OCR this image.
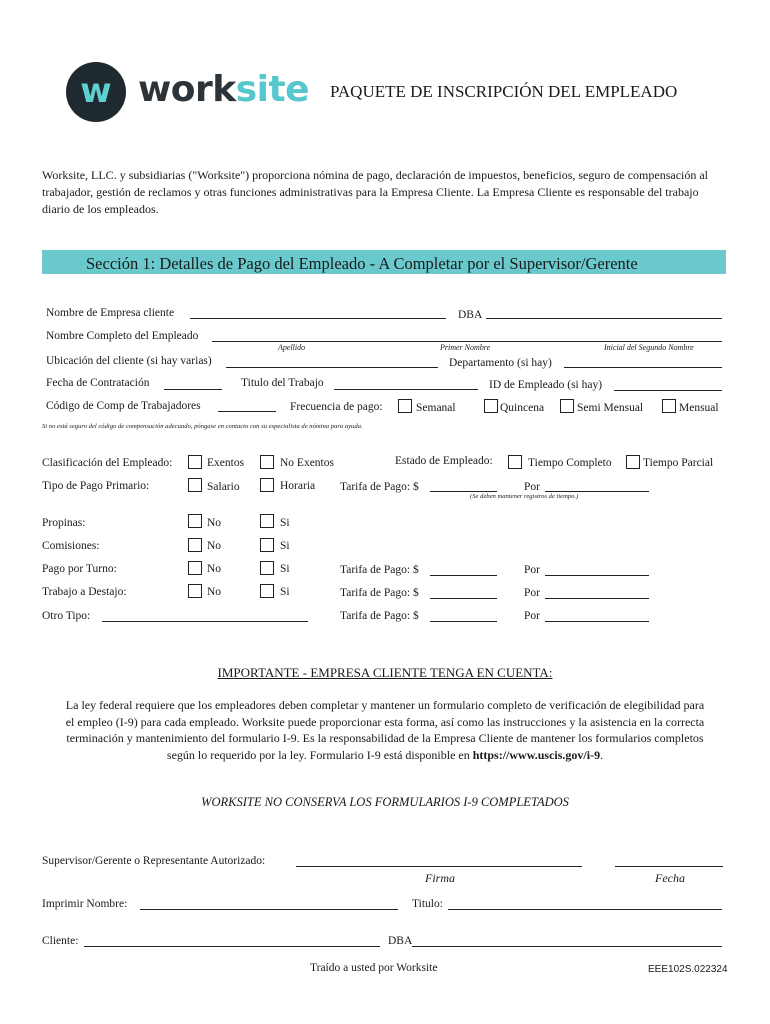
w worksite PAQUETE DE INSCRIPCIÓN DEL EMPLEADO
Worksite, LLC. y subsidiarias ("Worksite") proporciona nómina de pago, declaración de impuestos, beneficios, seguro de compensación al trabajador, gestión de reclamos y otras funciones administrativas para la Empresa Cliente. La Empresa Cliente es responsable del trabajo diario de los empleados.
Sección 1: Detalles de Pago del Empleado - A Completar por el Supervisor/Gerente
Nombre de Empresa cliente	DBA
Nombre Completo del Empleado
Apellido	Primer Nombre	Inicial del Segundo Nombre
Ubicación del cliente (si hay varias)	Departamento (si hay)
Fecha de Contratación	Titulo del Trabajo	ID de Empleado (si hay)
Código de Comp de Trabajadores	Frecuencia de pago:	Semanal	Quincena	Semi Mensual	Mensual
Si no está seguro del código de compensación adecuado, póngase en contacto con su especialista de nómina para ayuda.
Clasificación del Empleado:	Exentos	No Exentos	Estado de Empleado:	Tiempo Completo	Tiempo Parcial
Tipo de Pago Primario:	Salario	Horaria Tarifa de Pago: $	Por
(Se deben mantener registros de tiempo.)
Propinas:	No	Si
Comisiones:	No	Si
Pago por Turno:	No	Si	Tarifa de Pago: $	Por
Trabajo a Destajo:	No	Si	Tarifa de Pago: $	Por
Otro Tipo:	Tarifa de Pago: $	Por
IMPORTANTE - EMPRESA CLIENTE TENGA EN CUENTA:
La ley federal requiere que los empleadores deben completar y mantener un formulario completo de verificación de elegibilidad para el empleo (I-9) para cada empleado. Worksite puede proporcionar esta forma, así como las instrucciones y la asistencia en la correcta terminación y mantenimiento del formulario I-9. Es la responsabilidad de la Empresa Cliente de mantener los formularios completos según lo requerido por la ley. Formulario I-9 está disponible en https://www.uscis.gov/i-9.
WORKSITE NO CONSERVA LOS FORMULARIOS I-9 COMPLETADOS
Supervisor/Gerente o Representante Autorizado:
Firma	Fecha
Imprimir Nombre:	Titulo:
Cliente:	DBA
Traído a usted por Worksite	EEE102S.022324
